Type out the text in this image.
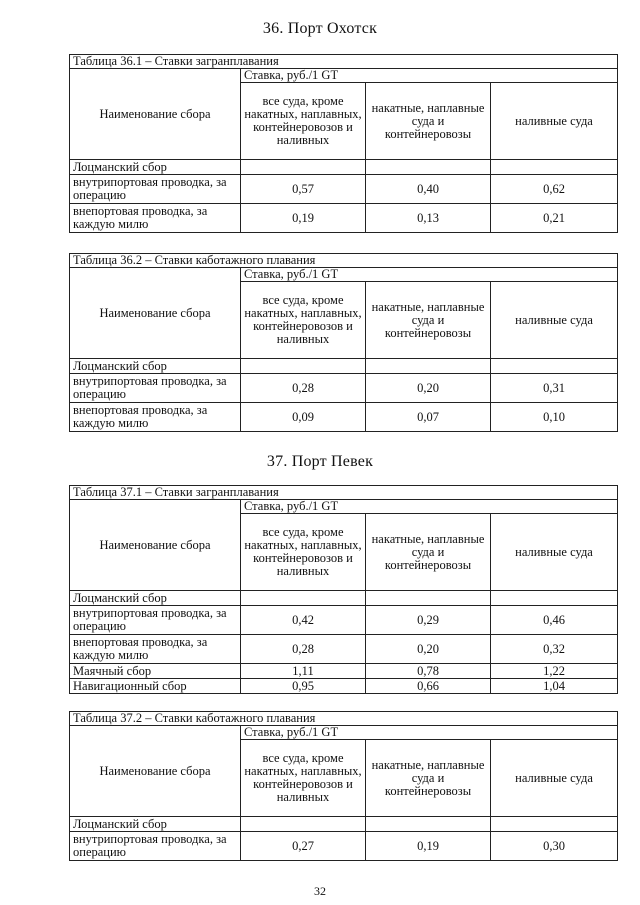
36. Порт Охотск
Таблица 36.1 – Ставки загранплавания			
Наименование сбора	Ставка, руб./1 GT		
	все суда, кроме накатных, наплавных, контейнеровозов и наливных	накатные, наплавные суда и контейнеровозы	наливные суда
Лоцманский сбор			
внутрипортовая проводка, за операцию	0,57	0,40	0,62
внепортовая проводка, за каждую милю	0,19	0,13	0,21
Таблица 36.2 – Ставки каботажного плавания			
Наименование сбора	Ставка, руб./1 GT		
	все суда, кроме накатных, наплавных, контейнеровозов и наливных	накатные, наплавные суда и контейнеровозы	наливные суда
Лоцманский сбор			
внутрипортовая проводка, за операцию	0,28	0,20	0,31
внепортовая проводка, за каждую милю	0,09	0,07	0,10
37. Порт Певек
Таблица 37.1 – Ставки загранплавания			
Наименование сбора	Ставка, руб./1 GT		
	все суда, кроме накатных, наплавных, контейнеровозов и наливных	накатные, наплавные суда и контейнеровозы	наливные суда
Лоцманский сбор			
внутрипортовая проводка, за операцию	0,42	0,29	0,46
внепортовая проводка, за каждую милю	0,28	0,20	0,32
Маячный сбор	1,11	0,78	1,22
Навигационный сбор	0,95	0,66	1,04
Таблица 37.2 – Ставки каботажного плавания			
Наименование сбора	Ставка, руб./1 GT		
	все суда, кроме накатных, наплавных, контейнеровозов и наливных	накатные, наплавные суда и контейнеровозы	наливные суда
Лоцманский сбор			
внутрипортовая проводка, за операцию	0,27	0,19	0,30
32
